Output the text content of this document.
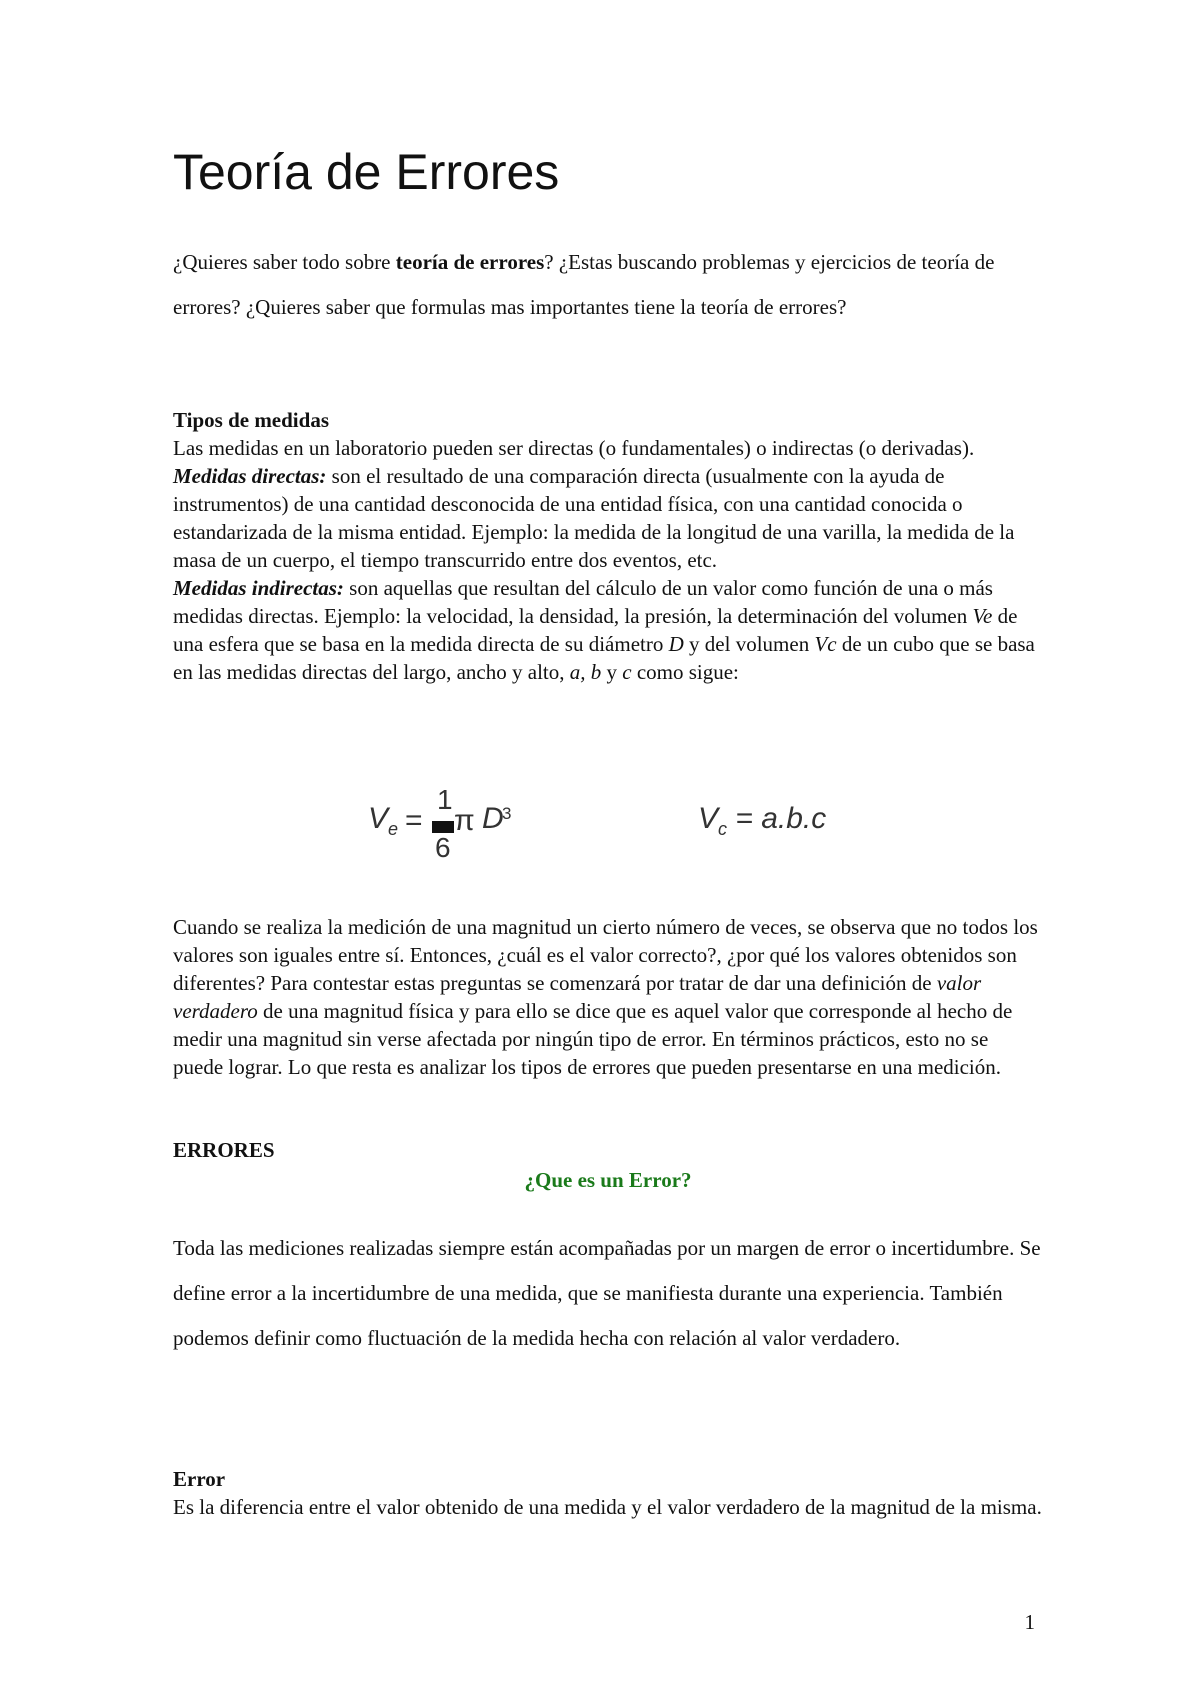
Teoría de Errores

¿Quieres saber todo sobre teoría de errores? ¿Estas buscando problemas y ejercicios de teoría de errores? ¿Quieres saber que formulas mas importantes tiene la teoría de errores?

Tipos de medidas

Las medidas en un laboratorio pueden ser directas (o fundamentales) o indirectas (o derivadas).

Medidas directas: son el resultado de una comparación directa (usualmente con la ayuda de instrumentos) de una cantidad desconocida de una entidad física, con una cantidad conocida o estandarizada de la misma entidad. Ejemplo: la medida de la longitud de una varilla, la medida de la masa de un cuerpo, el tiempo transcurrido entre dos eventos, etc.

Medidas indirectas: son aquellas que resultan del cálculo de un valor como función de una o más medidas directas. Ejemplo: la velocidad, la densidad, la presión, la determinación del volumen Ve de una esfera que se basa en la medida directa de su diámetro D y del volumen Vc de un cubo que se basa en las medidas directas del largo, ancho y alto, a, b y c como sigue:

$V_e$ =
1
6
π D
3	$V_c = a.b.c$

Cuando se realiza la medición de una magnitud un cierto número de veces, se observa que no todos los valores son iguales entre sí. Entonces, ¿cuál es el valor correcto?, ¿por qué los valores obtenidos son diferentes? Para contestar estas preguntas se comenzará por tratar de dar una definición de valor verdadero de una magnitud física y para ello se dice que es aquel valor que corresponde al hecho de medir una magnitud sin verse afectada por ningún tipo de error. En términos prácticos, esto no se puede lograr. Lo que resta es analizar los tipos de errores que pueden presentarse en una medición.

ERRORES

¿Que es un Error?

Toda las mediciones realizadas siempre están acompañadas por un margen de error o incertidumbre. Se define error a la incertidumbre de una medida, que se manifiesta durante una experiencia. También podemos definir como fluctuación de la medida hecha con relación al valor verdadero.

Error

Es la diferencia entre el valor obtenido de una medida y el valor verdadero de la magnitud de la misma.

1
